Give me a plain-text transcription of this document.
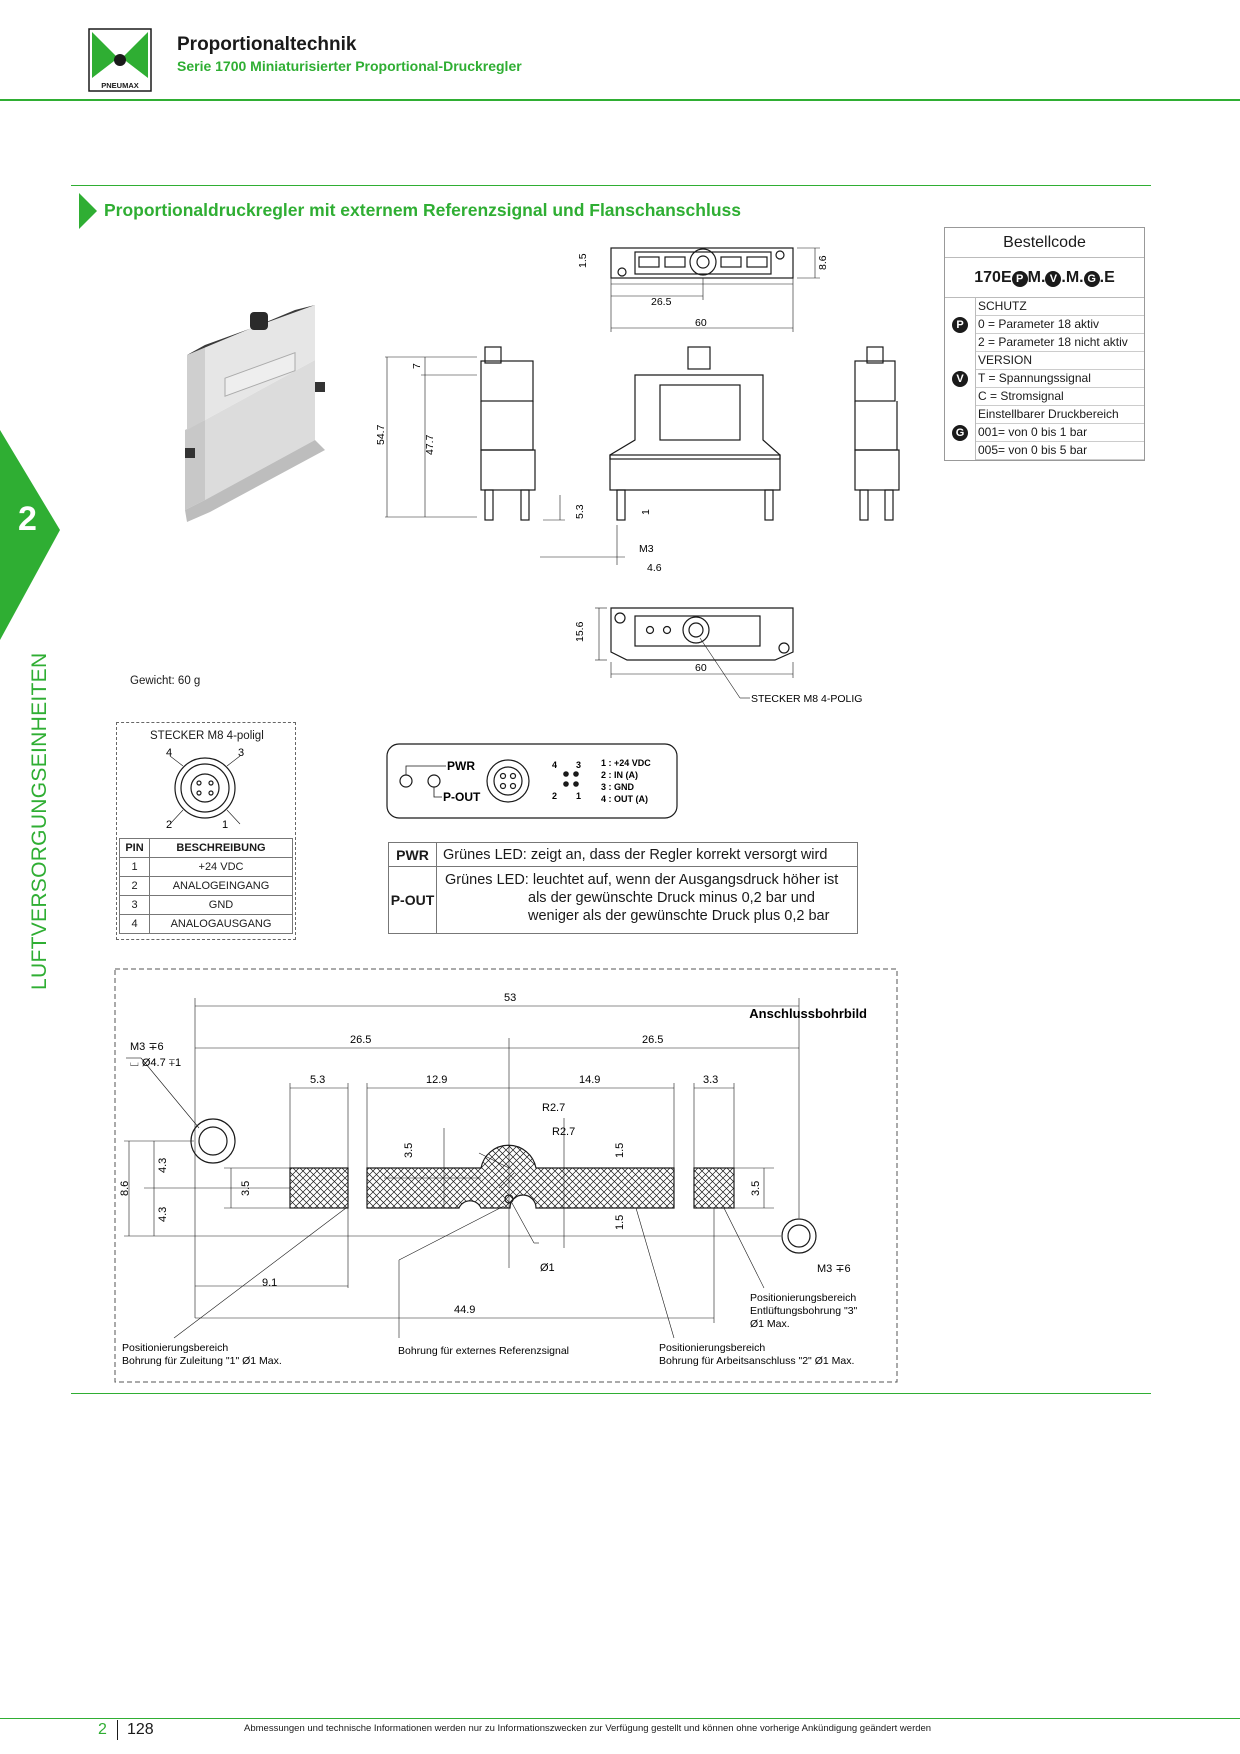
PNEUMAX
Proportionaltechnik
Serie 1700 Miniaturisierter Proportional-Druckregler
2
LUFTVERSORGUNGSEINHEITEN
Proportionaldruckregler mit externem Referenzsignal und Flanschanschluss
Bestellcode
170E P M. V .M. G .E
SCHUTZ
P	0 = Parameter 18 aktiv
2 = Parameter 18 nicht aktiv
VERSION
V	T = Spannungssignal
C = Stromsignal
Einstellbarer Druckbereich
G	001= von 0 bis 1 bar
005= von 0 bis 5 bar
1.5
26.5
60
8.6
7
54.7	47.7
5.3	1
M3
4.6
15.6
60
STECKER M8 4-POLIG
Gewicht: 60 g
STECKER M8 4-poligl
4	3
2	1
PIN	BESCHREIBUNG
1	+24 VDC
2	ANALOGEINGANG
3	GND
4	ANALOGAUSGANG
PWR
P-OUT
4 3
2 1
1 : +24 VDC
2 : IN (A)
3 : GND
4 : OUT (A)
PWR	Grünes LED: zeigt an, dass der Regler korrekt versorgt wird
P-OUT	Grünes LED: leuchtet auf, wenn der Ausgangsdruck höher ist
als der gewünschte Druck minus 0,2 bar und
weniger als der gewünschte Druck plus 0,2 bar
Anschlussbohrbild
53
26.5	26.5
5.3	12.9	14.9	3.3
R2.7
R2.7
8.6
4.3
4.3
3.5
3.5
3.5
1.5
1.5
Ø1
9.1
44.9
M3 ∓6
⌴ Ø4.7 ∓1
M3 ∓6
Positionierungsbereich
Entlüftungsbohrung "3"
Ø1 Max.
Positionierungsbereich
Bohrung für Zuleitung "1" Ø1 Max.
Bohrung für externes Referenzsignal	Positionierungsbereich
Bohrung für Arbeitsanschluss "2" Ø1 Max.
2 128	Abmessungen und technische Informationen werden nur zu Informationszwecken zur Verfügung gestellt und können ohne vorherige Ankündigung geändert werden
